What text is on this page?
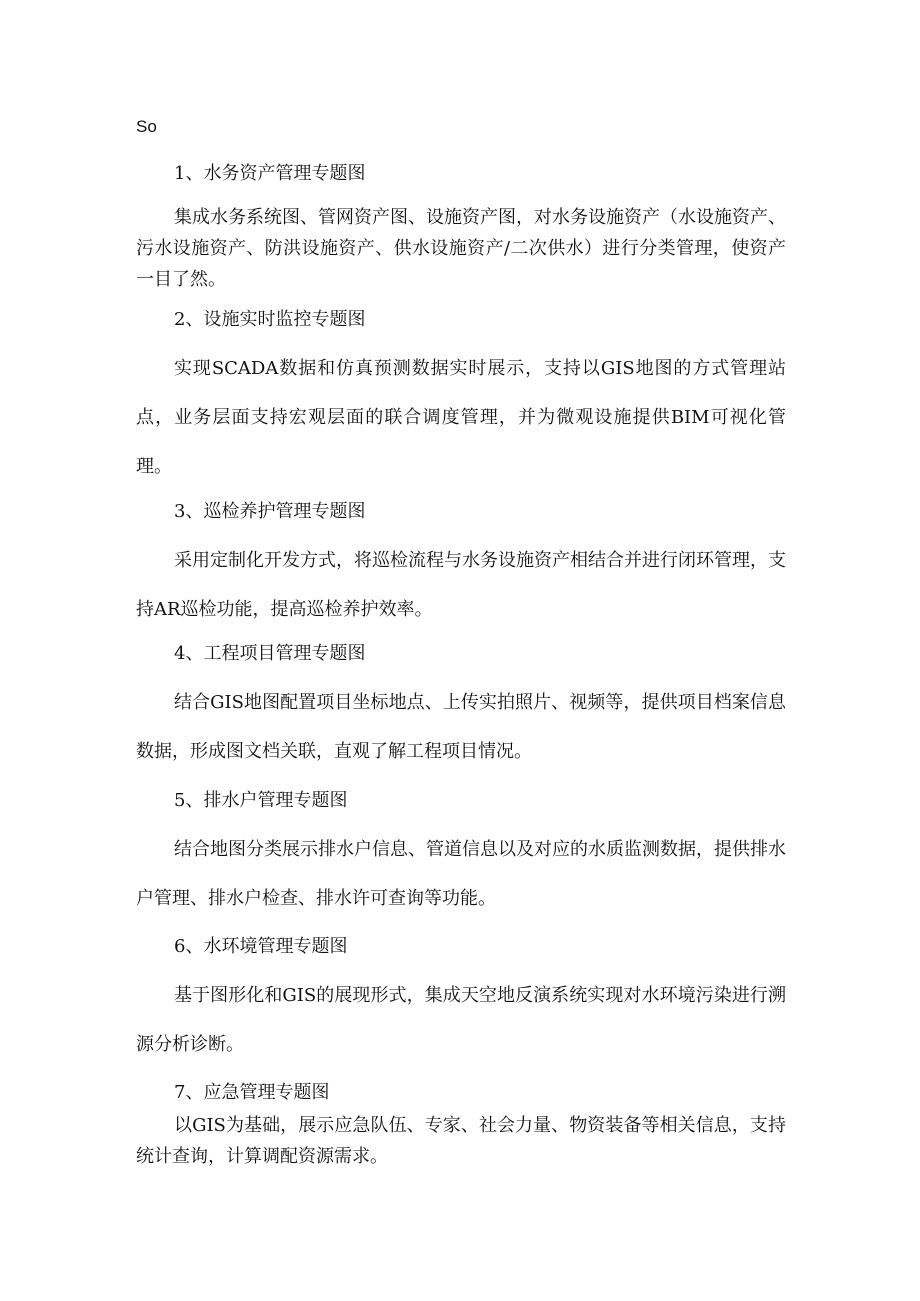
So
1、水务资产管理专题图

集成水务系统图、管网资产图、设施资产图，对水务设施资产（水设施资产、污水设施资产、防洪设施资产、供水设施资产/二次供水）进行分类管理，使资产一目了然。

2、设施实时监控专题图

实现SCADA数据和仿真预测数据实时展示，支持以GIS地图的方式管理站点，业务层面支持宏观层面的联合调度管理，并为微观设施提供BIM可视化管理。

3、巡检养护管理专题图

采用定制化开发方式，将巡检流程与水务设施资产相结合并进行闭环管理，支持AR巡检功能，提高巡检养护效率。

4、工程项目管理专题图

结合GIS地图配置项目坐标地点、上传实拍照片、视频等，提供项目档案信息数据，形成图文档关联，直观了解工程项目情况。

5、排水户管理专题图

结合地图分类展示排水户信息、管道信息以及对应的水质监测数据，提供排水户管理、排水户检查、排水许可查询等功能。

6、水环境管理专题图

基于图形化和GIS的展现形式，集成天空地反演系统实现对水环境污染进行溯源分析诊断。

7、应急管理专题图

以GIS为基础，展示应急队伍、专家、社会力量、物资装备等相关信息，支持统计查询，计算调配资源需求。
